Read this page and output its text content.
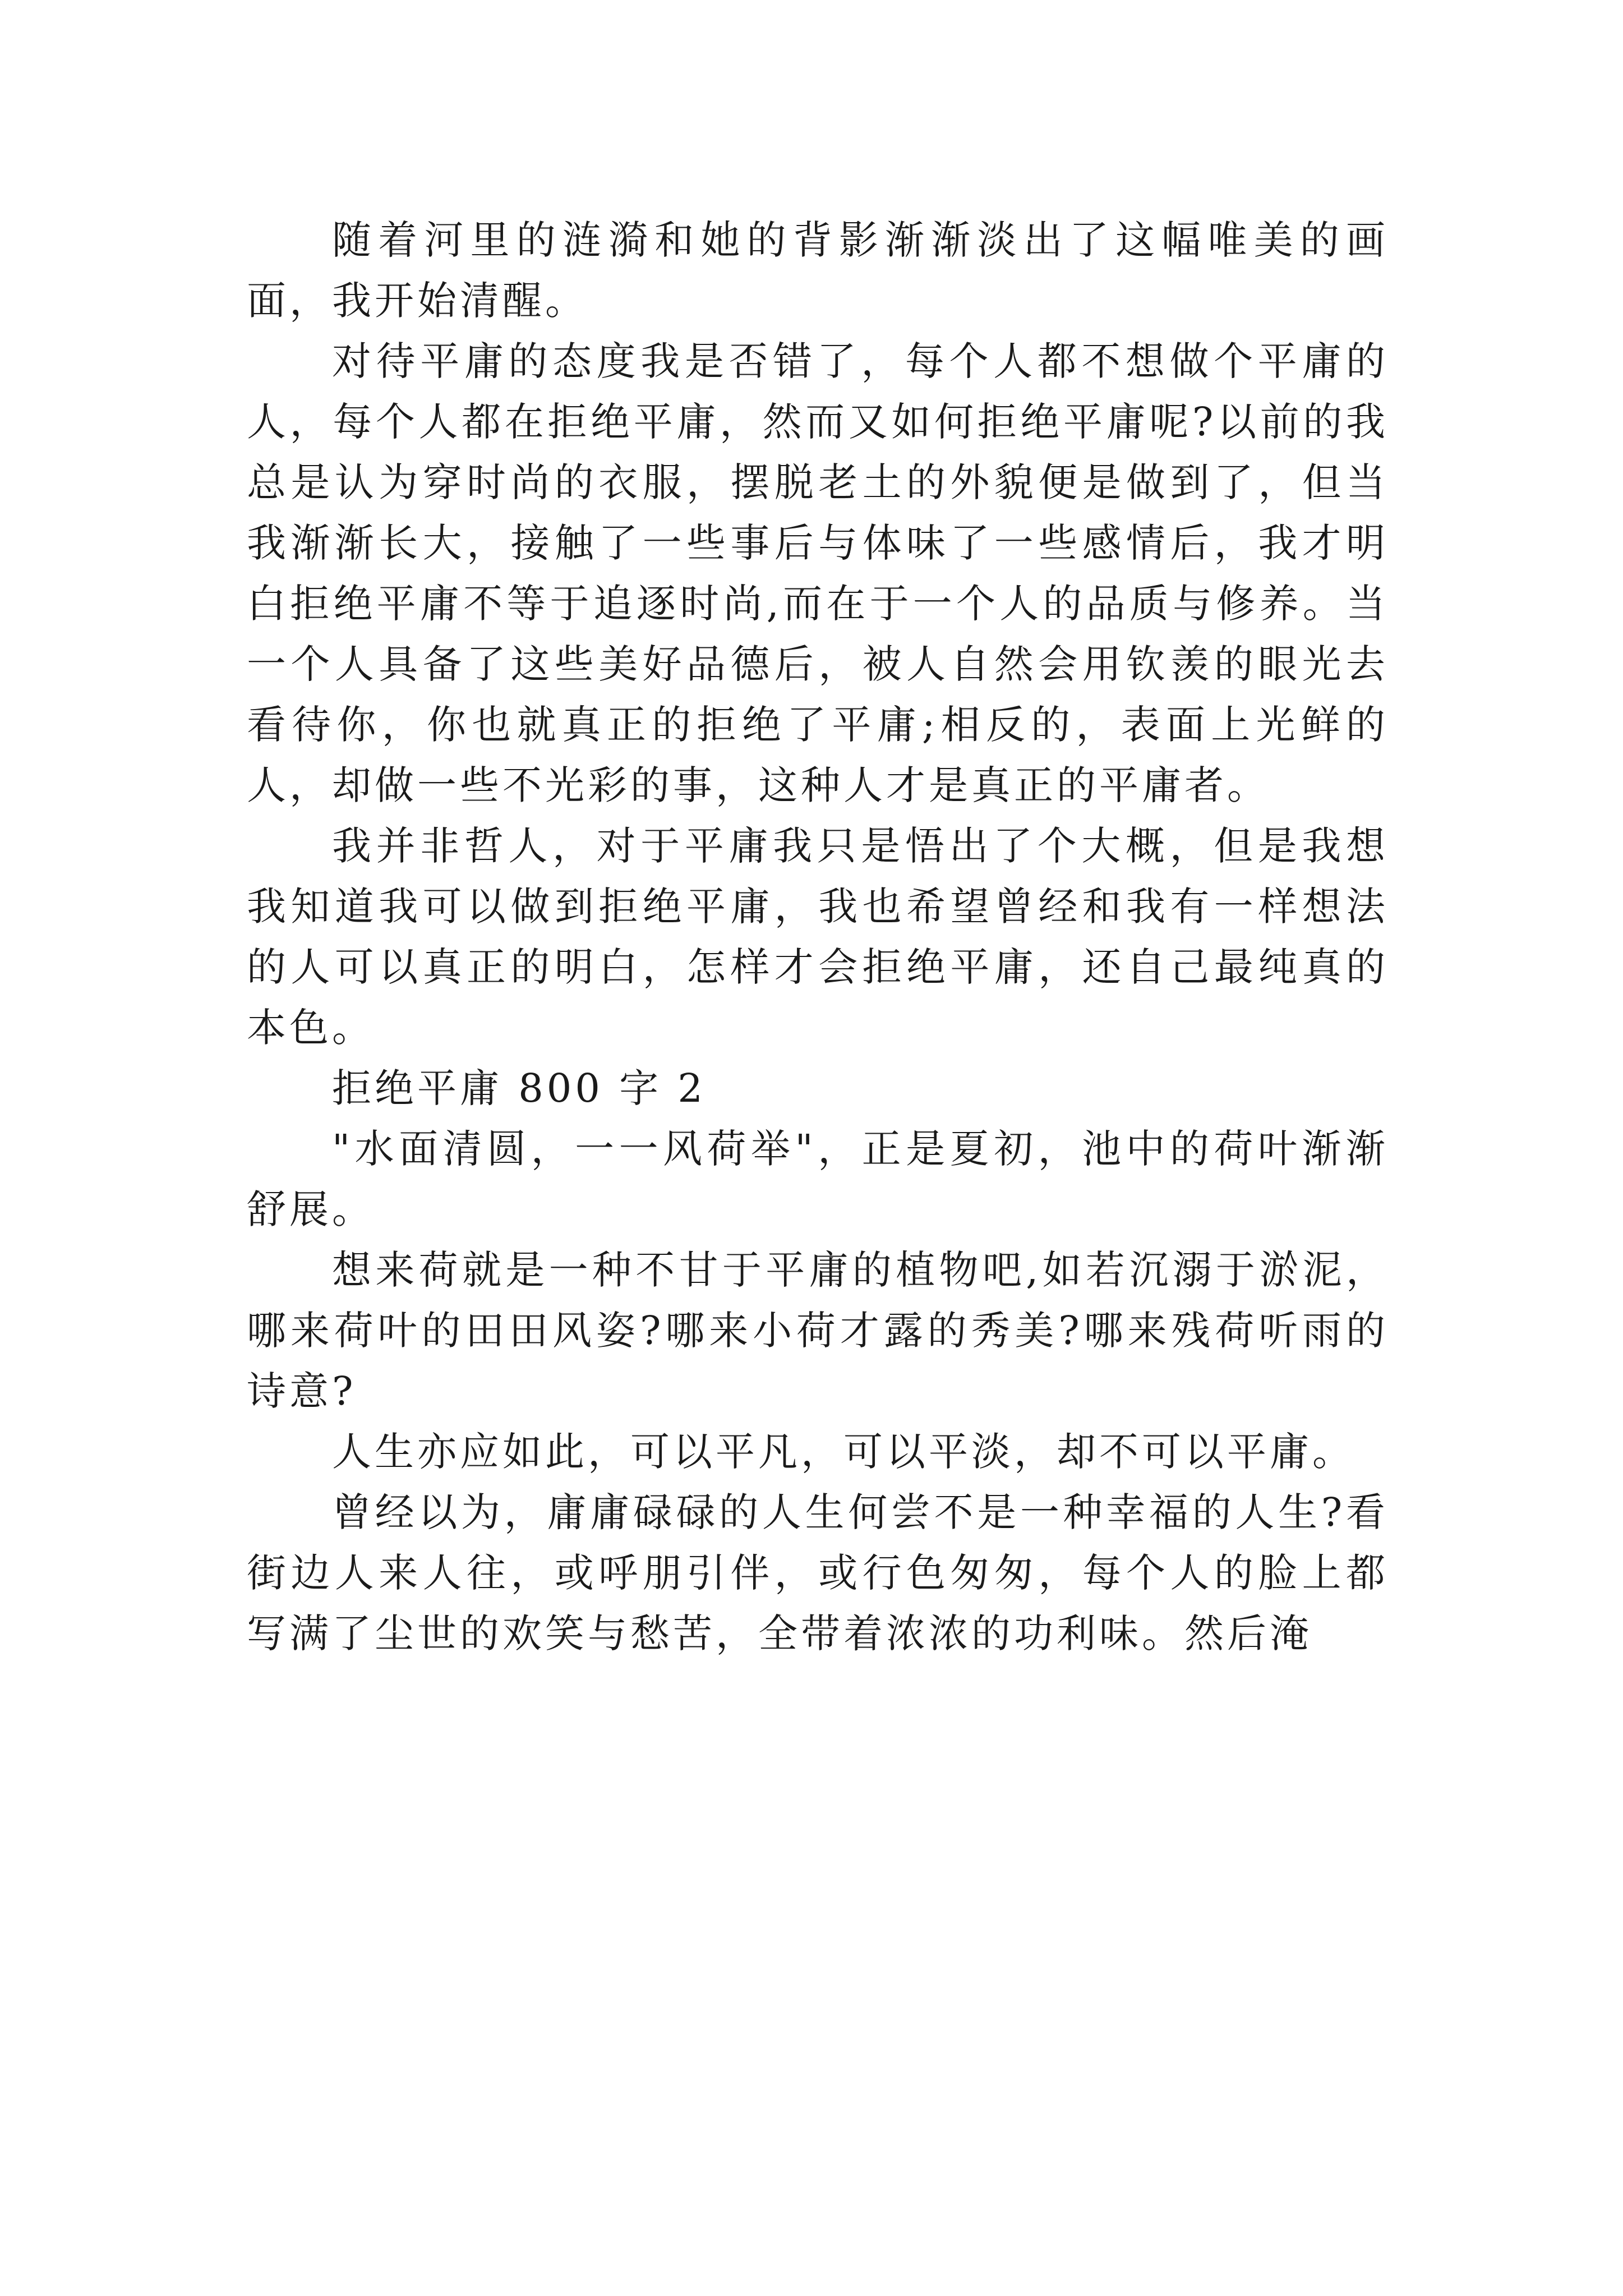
随着河里的涟漪和她的背影渐渐淡出了这幅唯美的画面，我开始清醒。

对待平庸的态度我是否错了，每个人都不想做个平庸的人，每个人都在拒绝平庸，然而又如何拒绝平庸呢?以前的我总是认为穿时尚的衣服，摆脱老土的外貌便是做到了，但当我渐渐长大，接触了一些事后与体味了一些感情后，我才明白拒绝平庸不等于追逐时尚,而在于一个人的品质与修养。当一个人具备了这些美好品德后，被人自然会用钦羡的眼光去看待你，你也就真正的拒绝了平庸;相反的，表面上光鲜的人，却做一些不光彩的事，这种人才是真正的平庸者。

我并非哲人，对于平庸我只是悟出了个大概，但是我想我知道我可以做到拒绝平庸，我也希望曾经和我有一样想法的人可以真正的明白，怎样才会拒绝平庸，还自己最纯真的本色。

拒绝平庸 800 字 2

"水面清圆，一一风荷举"，正是夏初，池中的荷叶渐渐舒展。

想来荷就是一种不甘于平庸的植物吧,如若沉溺于淤泥，哪来荷叶的田田风姿?哪来小荷才露的秀美?哪来残荷听雨的诗意?

人生亦应如此，可以平凡，可以平淡，却不可以平庸。

曾经以为，庸庸碌碌的人生何尝不是一种幸福的人生?看街边人来人往，或呼朋引伴，或行色匆匆，每个人的脸上都写满了尘世的欢笑与愁苦，全带着浓浓的功利味。然后淹
